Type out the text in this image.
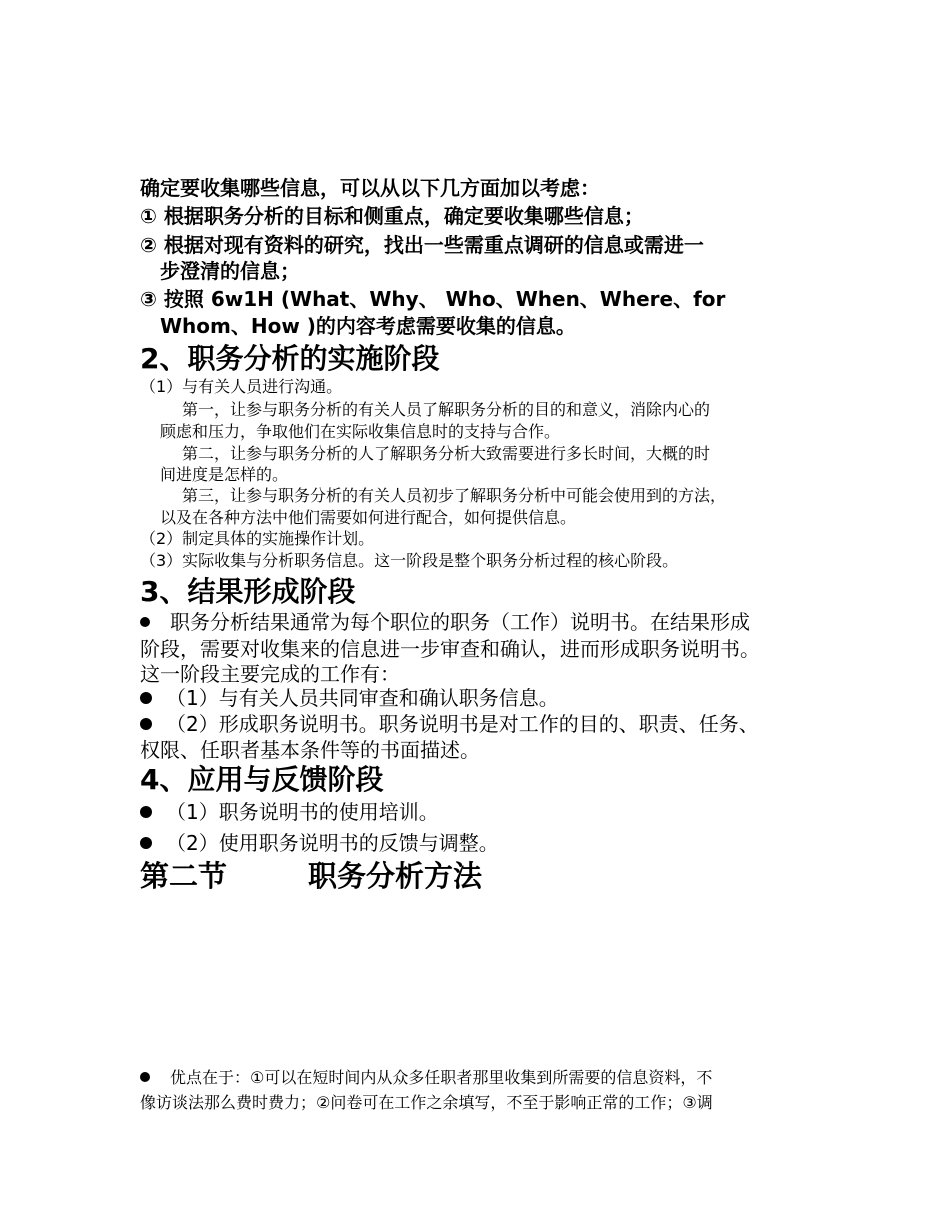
确定要收集哪些信息，可以从以下几方面加以考虑：
① 根据职务分析的目标和侧重点，确定要收集哪些信息；
② 根据对现有资料的研究，找出一些需重点调研的信息或需进一
步澄清的信息；
③ 按照 6w1H (What、Why、 Who、When、Where、for
Whom、How )的内容考虑需要收集的信息。
2、职务分析的实施阶段
（1）与有关人员进行沟通。
第一，让参与职务分析的有关人员了解职务分析的目的和意义，消除内心的
顾虑和压力，争取他们在实际收集信息时的支持与合作。
第二，让参与职务分析的人了解职务分析大致需要进行多长时间，大概的时
间进度是怎样的。
第三，让参与职务分析的有关人员初步了解职务分析中可能会使用到的方法，
以及在各种方法中他们需要如何进行配合，如何提供信息。
（2）制定具体的实施操作计划。
（3）实际收集与分析职务信息。这一阶段是整个职务分析过程的核心阶段。
3、结果形成阶段
职务分析结果通常为每个职位的职务（工作）说明书。在结果形成
阶段，需要对收集来的信息进一步审查和确认，进而形成职务说明书。
这一阶段主要完成的工作有：
（1）与有关人员共同审查和确认职务信息。
（2）形成职务说明书。职务说明书是对工作的目的、职责、任务、
权限、任职者基本条件等的书面描述。
4、应用与反馈阶段
（1）职务说明书的使用培训。
（2）使用职务说明书的反馈与调整。
第二节	职务分析方法
优点在于：①可以在短时间内从众多任职者那里收集到所需要的信息资料，不
像访谈法那么费时费力；②问卷可在工作之余填写，不至于影响正常的工作；③调
